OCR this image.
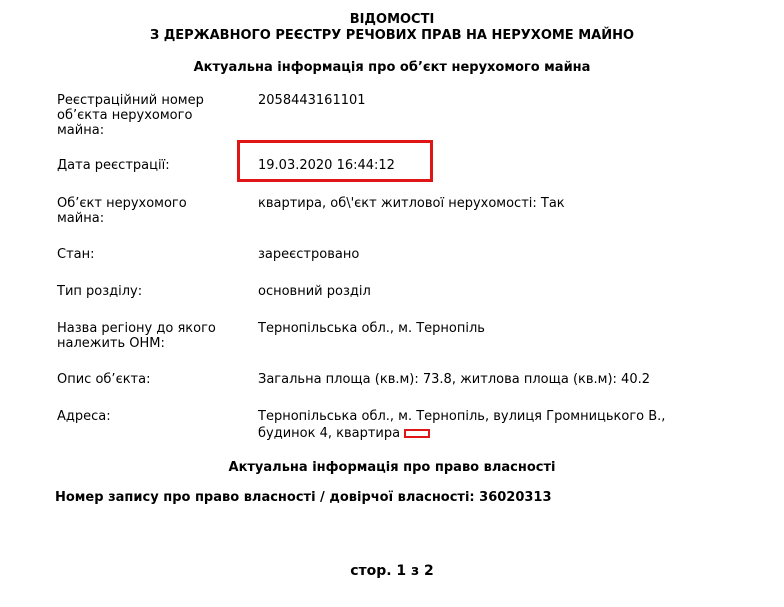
ВІДОМОСТІ
З ДЕРЖАВНОГО РЕЄСТРУ РЕЧОВИХ ПРАВ НА НЕРУХОМЕ МАЙНО
Актуальна інформація про об’єкт нерухомого майна
Реєстраційний номер об’єкта нерухомого майна:
2058443161101
Дата реєстрації:	19.03.2020 16:44:12
Об’єкт нерухомого майна:
квартира, об\'єкт житлової нерухомості: Так
Стан:	зареєстровано
Тип розділу:	основний розділ
Назва регіону до якого належить ОНМ:
Тернопільська обл., м. Тернопіль
Опис об’єкта:	Загальна площа (кв.м): 73.8, житлова площа (кв.м): 40.2
Адреса:	Тернопільська обл., м. Тернопіль, вулиця Громницького В.,
будинок 4, квартира
Актуальна інформація про право власності
Номер запису про право власності / довірчої власності: 36020313
стор. 1 з 2
